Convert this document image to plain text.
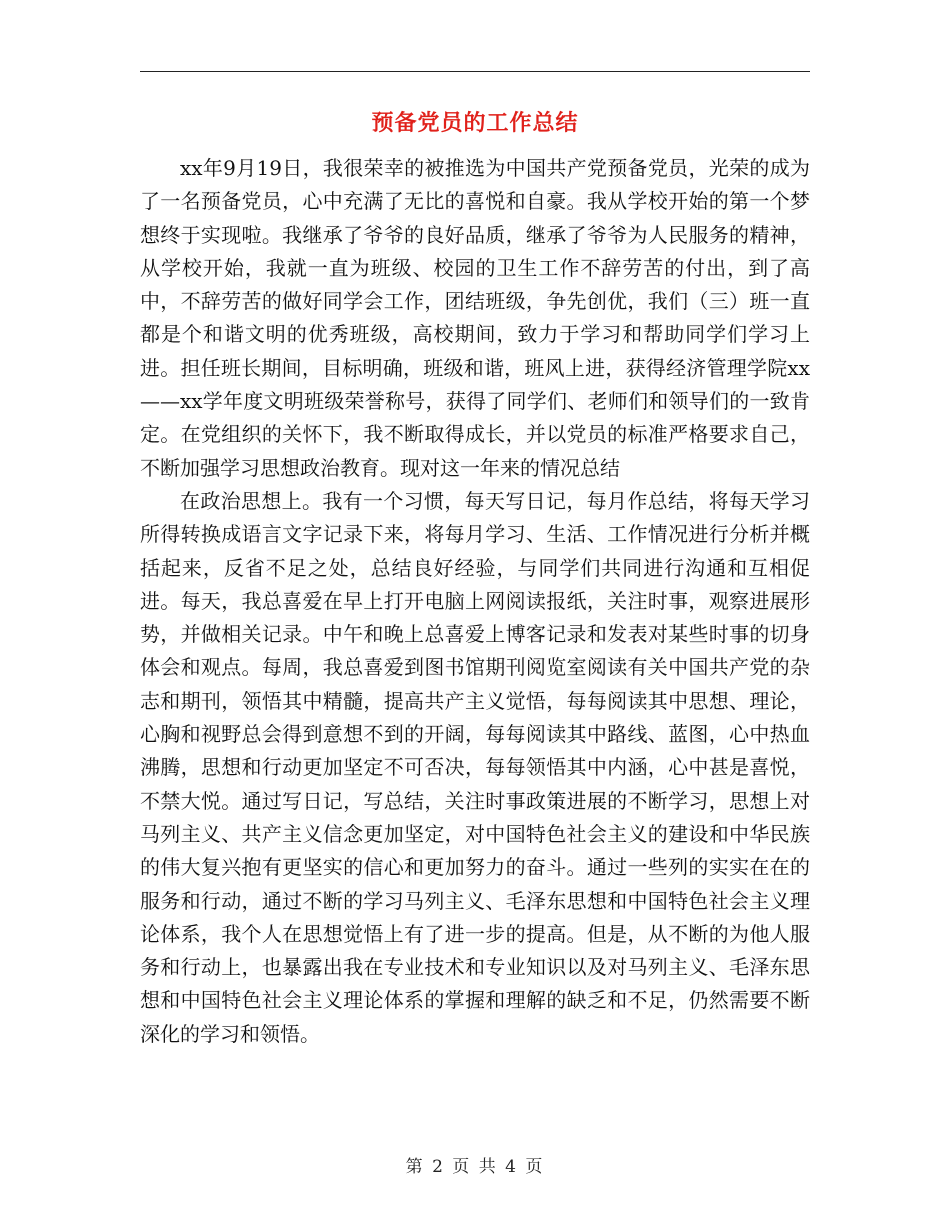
预备党员的工作总结

xx年9月19日，我很荣幸的被推选为中国共产党预备党员，光荣的成为了一名预备党员，心中充满了无比的喜悦和自豪。我从学校开始的第一个梦想终于实现啦。我继承了爷爷的良好品质，继承了爷爷为人民服务的精神，从学校开始，我就一直为班级、校园的卫生工作不辞劳苦的付出，到了高中，不辞劳苦的做好同学会工作，团结班级，争先创优，我们（三）班一直都是个和谐文明的优秀班级，高校期间，致力于学习和帮助同学们学习上进。担任班长期间，目标明确，班级和谐，班风上进，获得经济管理学院xx——xx学年度文明班级荣誉称号，获得了同学们、老师们和领导们的一致肯定。在党组织的关怀下，我不断取得成长，并以党员的标准严格要求自己，不断加强学习思想政治教育。现对这一年来的情况总结

在政治思想上。我有一个习惯，每天写日记，每月作总结，将每天学习所得转换成语言文字记录下来，将每月学习、生活、工作情况进行分析并概括起来，反省不足之处，总结良好经验，与同学们共同进行沟通和互相促进。每天，我总喜爱在早上打开电脑上网阅读报纸，关注时事，观察进展形势，并做相关记录。中午和晚上总喜爱上博客记录和发表对某些时事的切身体会和观点。每周，我总喜爱到图书馆期刊阅览室阅读有关中国共产党的杂志和期刊，领悟其中精髓，提高共产主义觉悟，每每阅读其中思想、理论，心胸和视野总会得到意想不到的开阔，每每阅读其中路线、蓝图，心中热血沸腾，思想和行动更加坚定不可否决，每每领悟其中内涵，心中甚是喜悦，不禁大悦。通过写日记，写总结，关注时事政策进展的不断学习，思想上对马列主义、共产主义信念更加坚定，对中国特色社会主义的建设和中华民族的伟大复兴抱有更坚实的信心和更加努力的奋斗。通过一些列的实实在在的服务和行动，通过不断的学习马列主义、毛泽东思想和中国特色社会主义理论体系，我个人在思想觉悟上有了进一步的提高。但是，从不断的为他人服务和行动上，也暴露出我在专业技术和专业知识以及对马列主义、毛泽东思想和中国特色社会主义理论体系的掌握和理解的缺乏和不足，仍然需要不断深化的学习和领悟。

第 2 页 共 4 页
